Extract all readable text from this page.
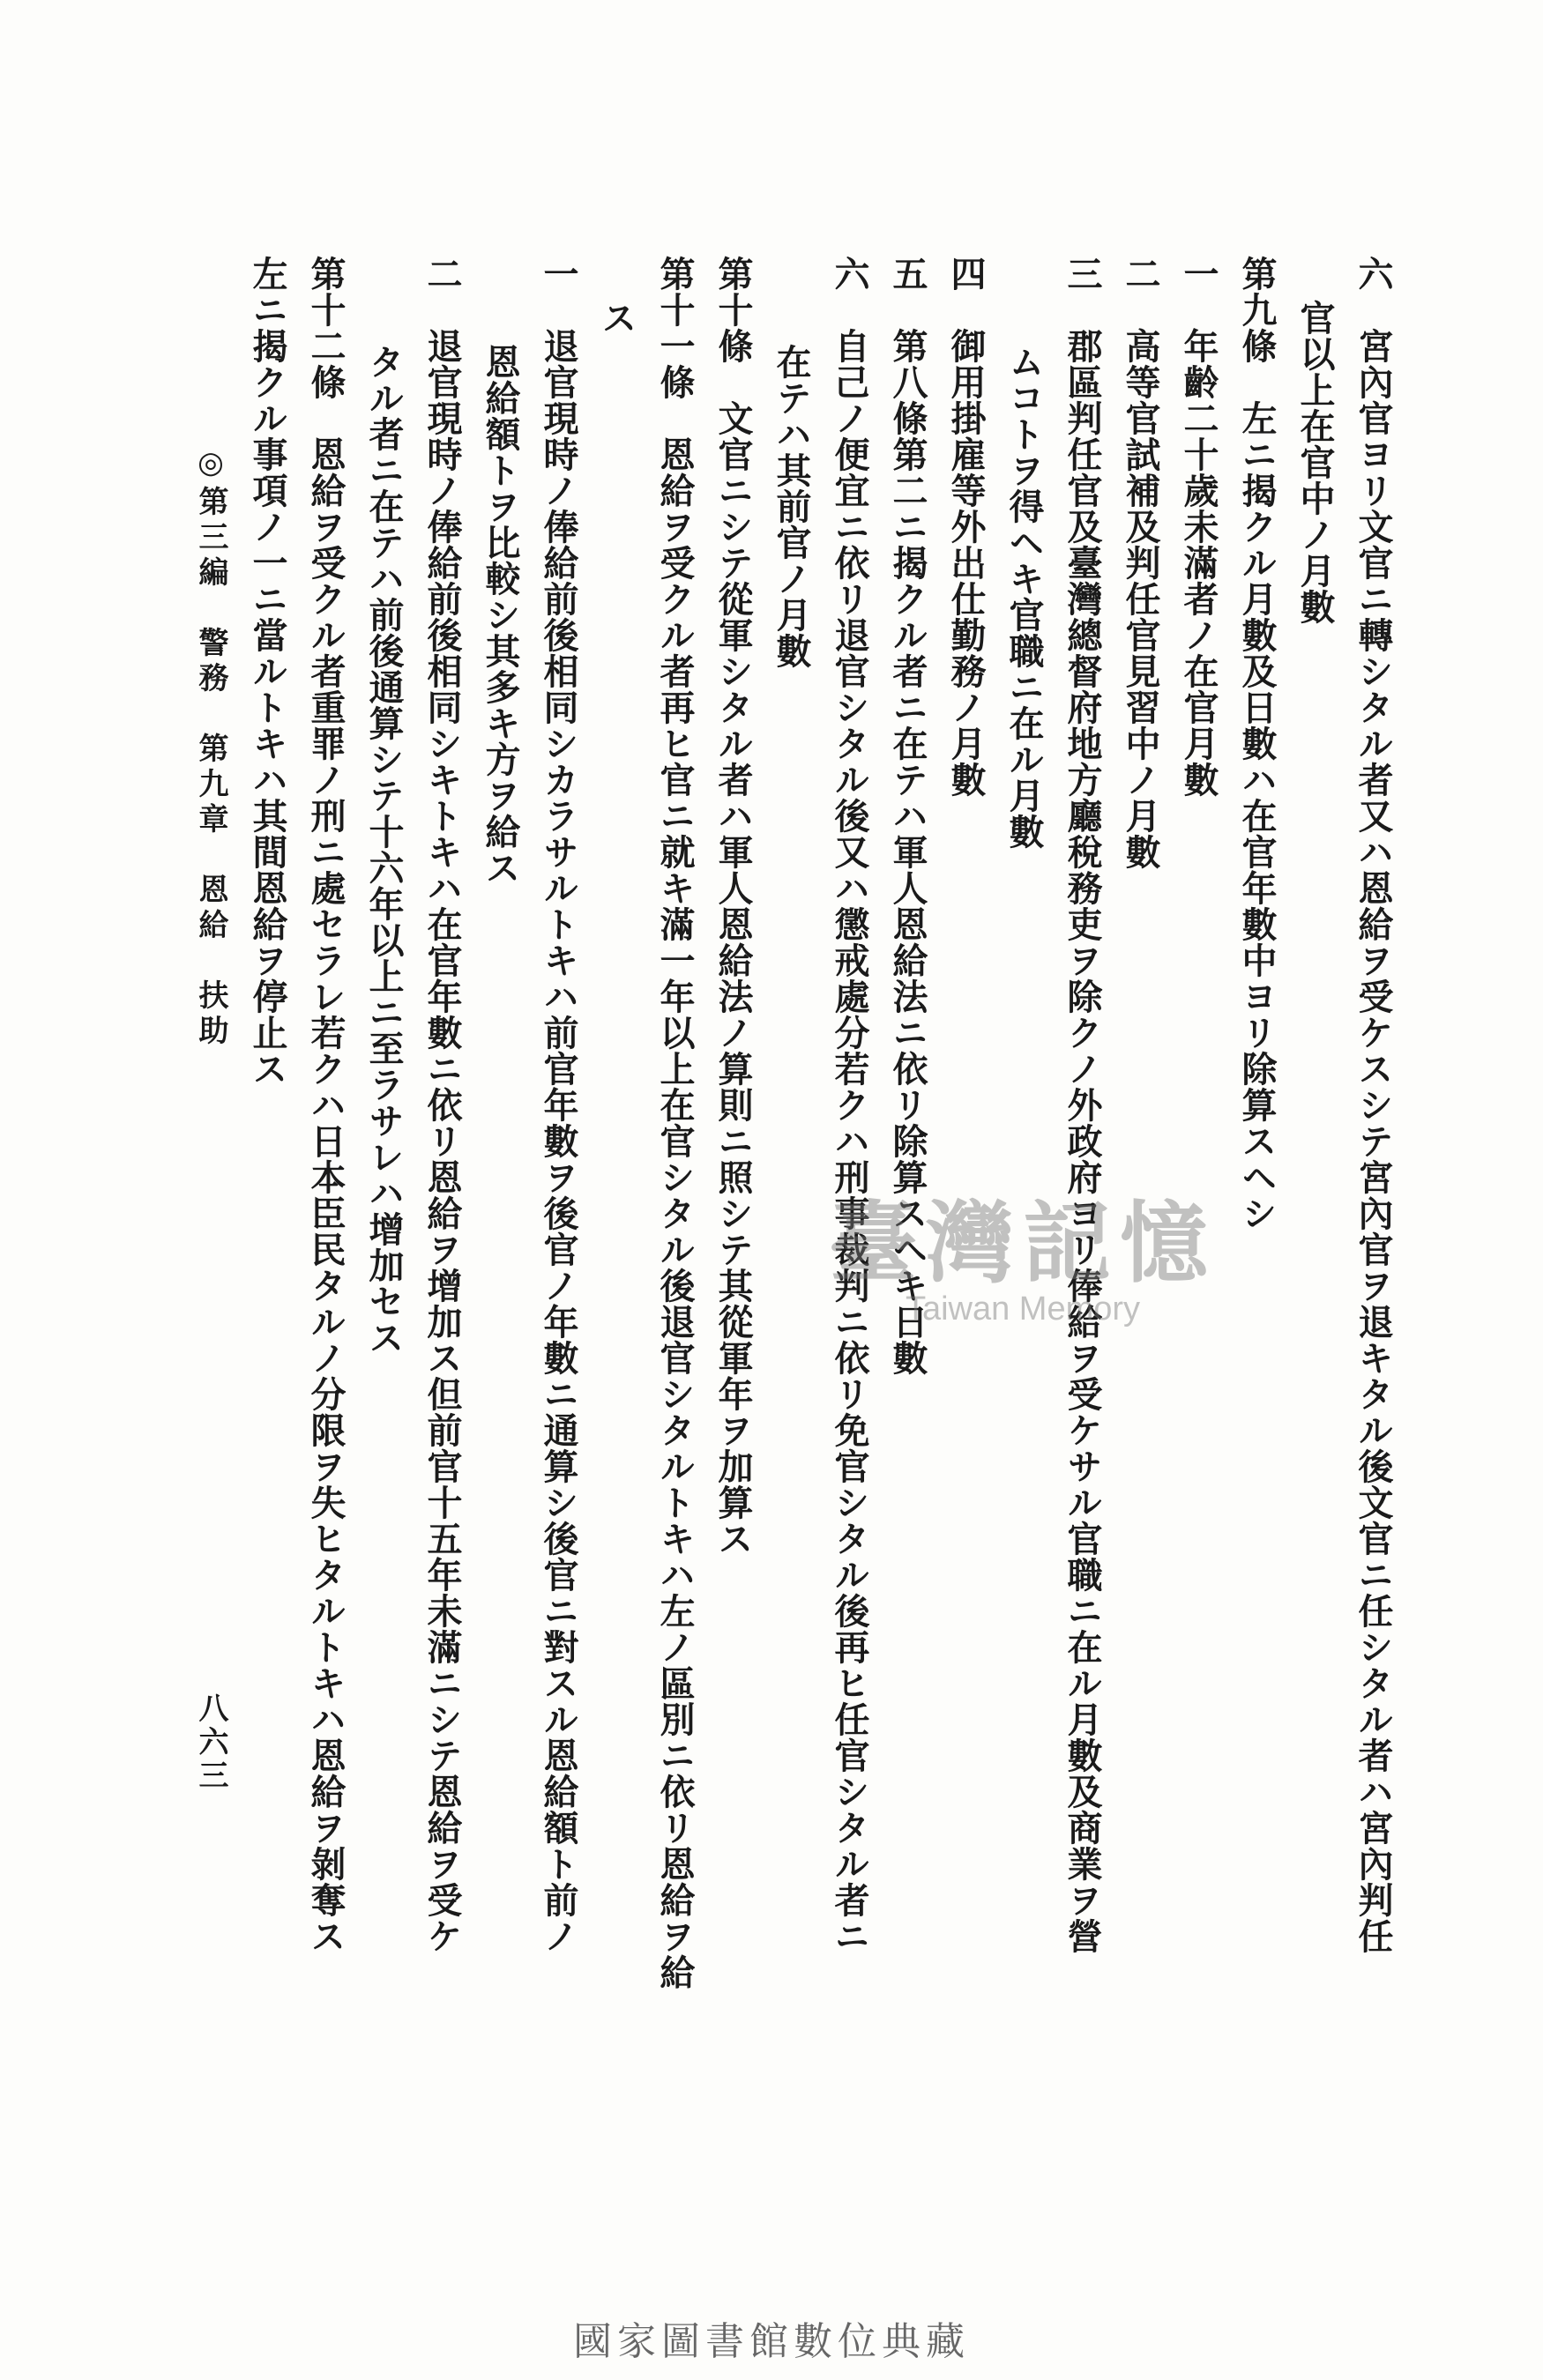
六　宮內官ヨリ文官ニ轉シタル者又ハ恩給ヲ受ケスシテ宮內官ヲ退キタル後文官ニ任シタル者ハ宮內判任
官以上在官中ノ月數
第九條　左ニ揭クル月數及日數ハ在官年數中ヨリ除算スヘシ
一　年齡二十歲未滿者ノ在官月數
二　高等官試補及判任官見習中ノ月數
三　郡區判任官及臺灣總督府地方廳稅務吏ヲ除クノ外政府ヨリ俸給ヲ受ケサル官職ニ在ル月數及商業ヲ營
ムコトヲ得ヘキ官職ニ在ル月數
四　御用掛雇等外出仕勤務ノ月數
五　第八條第二ニ揭クル者ニ在テハ軍人恩給法ニ依リ除算スヘキ日數
六　自己ノ便宜ニ依リ退官シタル後又ハ懲戒處分若クハ刑事裁判ニ依リ免官シタル後再ヒ任官シタル者ニ
在テハ其前官ノ月數
第十條　文官ニシテ從軍シタル者ハ軍人恩給法ノ算則ニ照シテ其從軍年ヲ加算ス
第十一條　恩給ヲ受クル者再ヒ官ニ就キ滿一年以上在官シタル後退官シタルトキハ左ノ區別ニ依リ恩給ヲ給
ス
一　退官現時ノ俸給前後相同シカラサルトキハ前官年數ヲ後官ノ年數ニ通算シ後官ニ對スル恩給額ト前ノ
恩給額トヲ比較シ其多キ方ヲ給ス
二　退官現時ノ俸給前後相同シキトキハ在官年數ニ依リ恩給ヲ增加ス但前官十五年未滿ニシテ恩給ヲ受ケ
タル者ニ在テハ前後通算シテ十六年以上ニ至ラサレハ增加セス
第十二條　恩給ヲ受クル者重罪ノ刑ニ處セラレ若クハ日本臣民タルノ分限ヲ失ヒタルトキハ恩給ヲ剝奪ス
左ニ揭クル事項ノ一ニ當ルトキハ其間恩給ヲ停止ス
◎第三編　警務　第九章　恩給　扶助
八六三
臺灣記憶
Taiwan Memory
國家圖書館數位典藏
